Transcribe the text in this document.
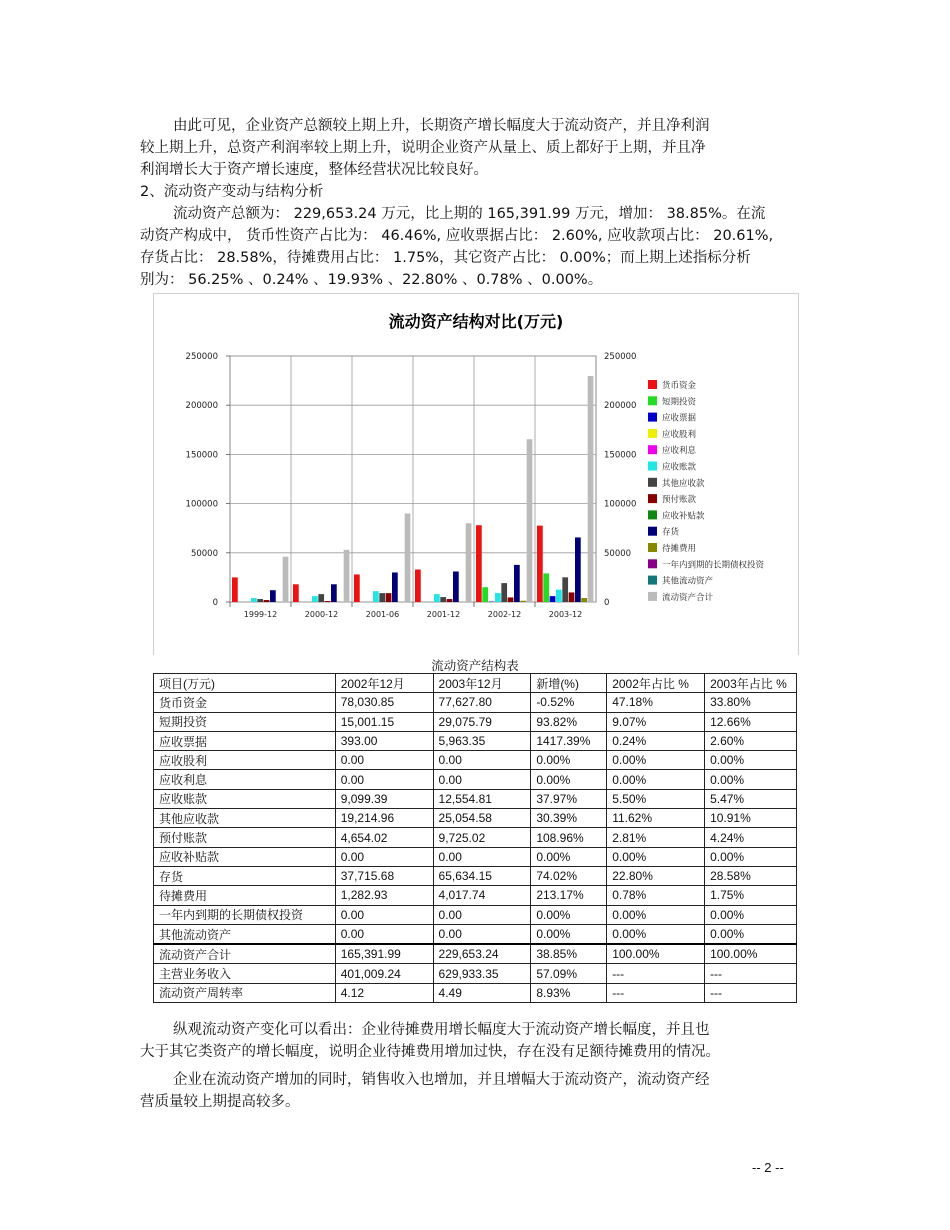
由此可见，企业资产总额较上期上升，长期资产增长幅度大于流动资产，并且净利润
较上期上升，总资产利润率较上期上升，说明企业资产从量上、质上都好于上期，并且净
利润增长大于资产增长速度，整体经营状况比较良好。

2、流动资产变动与结构分析

流动资产总额为： 229,653.24 万元，比上期的 165,391.99 万元，增加： 38.85%。在流
动资产构成中， 货币性资产占比为： 46.46%, 应收票据占比： 2.60%, 应收款项占比： 20.61%,
存货占比： 28.58%，待摊费用占比： 1.75%，其它资产占比： 0.00%；而上期上述指标分析
别为： 56.25% 、0.24% 、19.93% 、22.80% 、0.78% 、0.00%。

流动资产结构对比(万元)
0	0
50000	50000
100000	100000
150000	150000
200000	200000
250000	250000
1999-12	2000-12	2001-06	2001-12	2002-12	2003-12
货币资金
短期投资
应收票据
应收股利
应收利息
应收账款
其他应收款
预付账款
应收补贴款
存货
待摊费用
一年内到期的长期债权投资
其他流动资产
流动资产合计
流动资产结构表
项目(万元)	2002年12月	2003年12月	新增(%)	2002年占比 %	2003年占比 %
货币资金	78,030.85	77,627.80	-0.52%	47.18%	33.80%
短期投资	15,001.15	29,075.79	93.82%	9.07%	12.66%
应收票据	393.00	5,963.35	1417.39%	0.24%	2.60%
应收股利	0.00	0.00	0.00%	0.00%	0.00%
应收利息	0.00	0.00	0.00%	0.00%	0.00%
应收账款	9,099.39	12,554.81	37.97%	5.50%	5.47%
其他应收款	19,214.96	25,054.58	30.39%	11.62%	10.91%
预付账款	4,654.02	9,725.02	108.96%	2.81%	4.24%
应收补贴款	0.00	0.00	0.00%	0.00%	0.00%
存货	37,715.68	65,634.15	74.02%	22.80%	28.58%
待摊费用	1,282.93	4,017.74	213.17%	0.78%	1.75%
一年内到期的长期债权投资	0.00	0.00	0.00%	0.00%	0.00%
其他流动资产	0.00	0.00	0.00%	0.00%	0.00%
流动资产合计	165,391.99	229,653.24	38.85%	100.00%	100.00%
主营业务收入	401,009.24	629,933.35	57.09%	---	---
流动资产周转率	4.12	4.49	8.93%	---	---

纵观流动资产变化可以看出：企业待摊费用增长幅度大于流动资产增长幅度，并且也
大于其它类资产的增长幅度，说明企业待摊费用增加过快，存在没有足额待摊费用的情况。

企业在流动资产增加的同时，销售收入也增加，并且增幅大于流动资产，流动资产经
营质量较上期提高较多。

-- 2 --
